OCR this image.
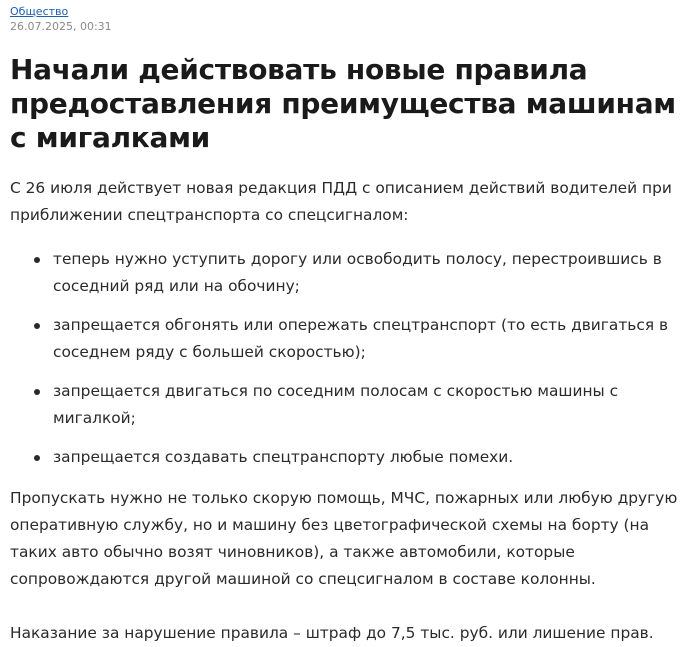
Общество
26.07.2025, 00:31
Начали действовать новые правила предоставления преимущества машинам с мигалками

С 26 июля действует новая редакция ПДД с описанием действий водителей при приближении спецтранспорта со спецсигналом:

теперь нужно уступить дорогу или освободить полосу, перестроившись в соседний ряд или на обочину;
запрещается обгонять или опережать спецтранспорт (то есть двигаться в соседнем ряду с большей скоростью);
запрещается двигаться по соседним полосам с скоростью машины с мигалкой;
запрещается создавать спецтранспорту любые помехи.

Пропускать нужно не только скорую помощь, МЧС, пожарных или любую другую оперативную службу, но и машину без цветографической схемы на борту (на таких авто обычно возят чиновников), а также автомобили, которые сопровождаются другой машиной со спецсигналом в составе колонны.

Наказание за нарушение правила – штраф до 7,5 тыс. руб. или лишение прав.
